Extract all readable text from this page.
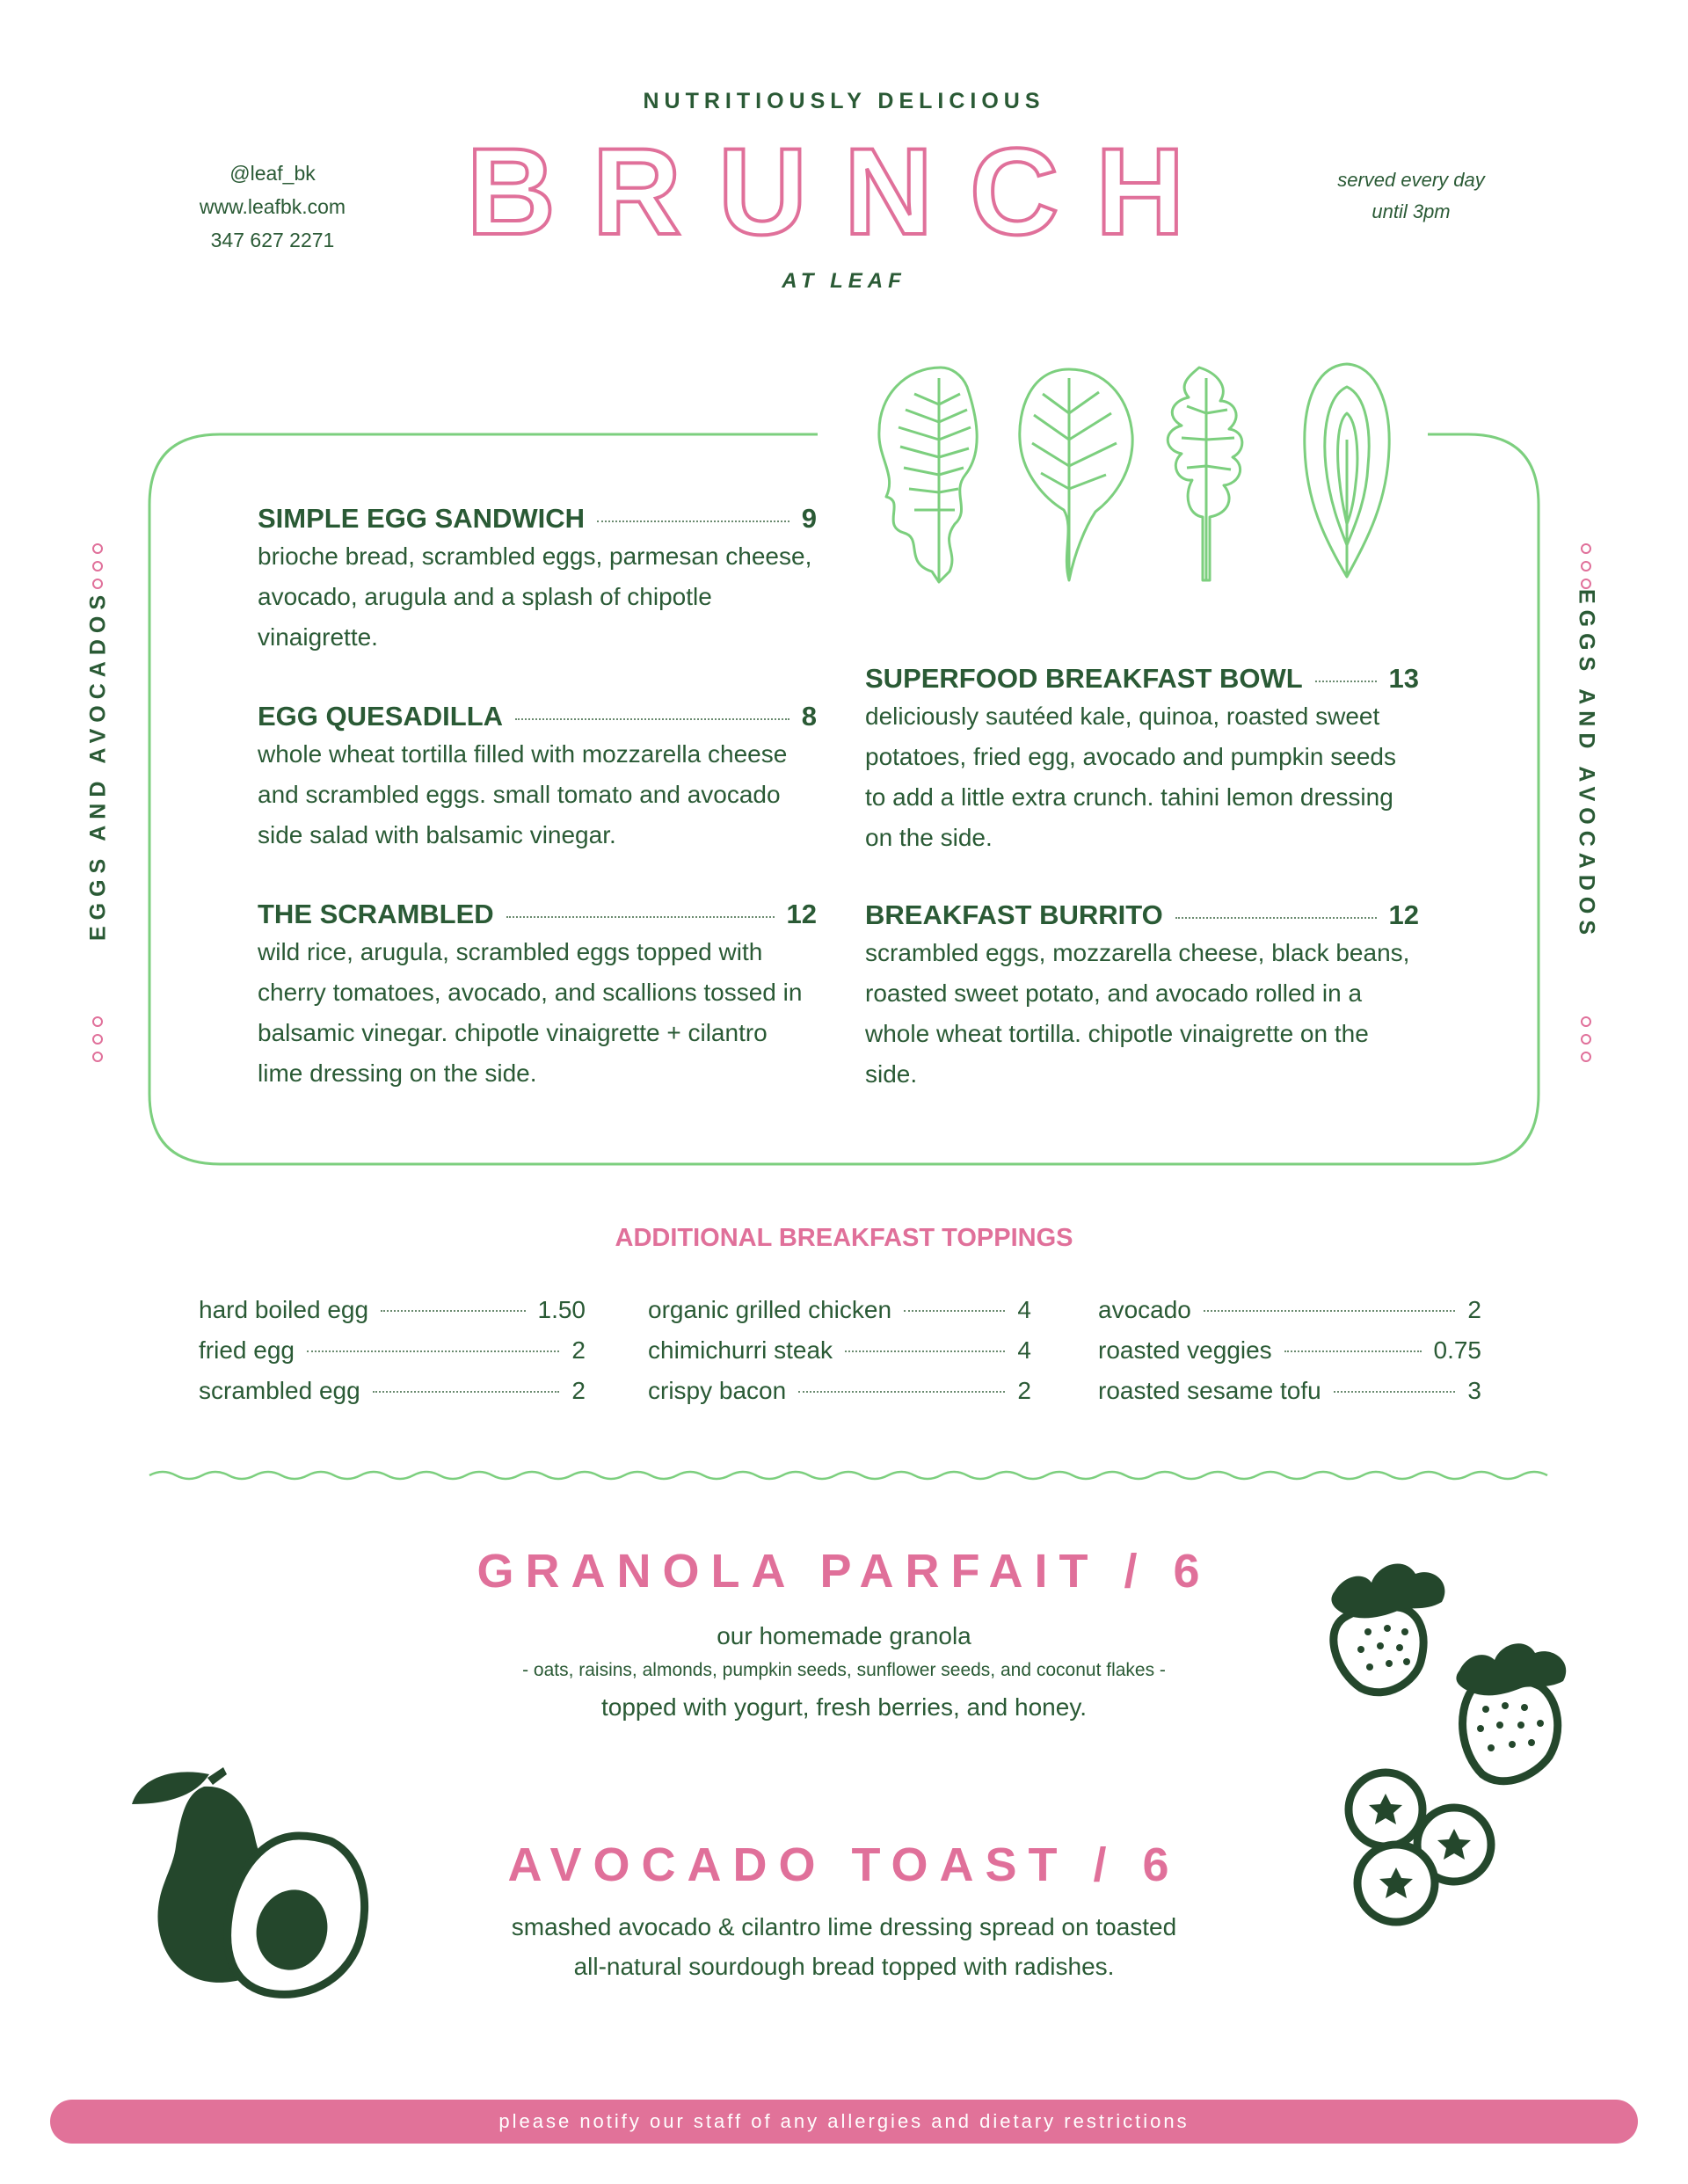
NUTRITIOUSLY DELICIOUS
BRUNCH
AT LEAF
@leaf_bk
www.leafbk.com
347 627 2271
served every day
until 3pm
EGGS AND AVOCADOS	EGGS AND AVOCADOS
SIMPLE EGG SANDWICH	9
brioche bread, scrambled eggs, parmesan cheese, avocado, arugula and a splash of chipotle vinaigrette.
EGG QUESADILLA	8
whole wheat tortilla filled with mozzarella cheese and scrambled eggs. small tomato and avocado side salad with balsamic vinegar.
THE SCRAMBLED	12
wild rice, arugula, scrambled eggs topped with cherry tomatoes, avocado, and scallions tossed in balsamic vinegar. chipotle vinaigrette + cilantro lime dressing on the side.
SUPERFOOD BREAKFAST BOWL	13
deliciously sautéed kale, quinoa, roasted sweet potatoes, fried egg, avocado and pumpkin seeds to add a little extra crunch. tahini lemon dressing on the side.
BREAKFAST BURRITO	12
scrambled eggs, mozzarella cheese, black beans, roasted sweet potato, and avocado rolled in a whole wheat tortilla. chipotle vinaigrette on the side.
ADDITIONAL BREAKFAST TOPPINGS
hard boiled egg	1.50
fried egg	2
scrambled egg	2
organic grilled chicken	4
chimichurri steak	4
crispy bacon	2
avocado	2
roasted veggies	0.75
roasted sesame tofu	3
GRANOLA PARFAIT / 6
our homemade granola
- oats, raisins, almonds, pumpkin seeds, sunflower seeds, and coconut flakes -
topped with yogurt, fresh berries, and honey.
AVOCADO TOAST / 6
smashed avocado & cilantro lime dressing spread on toasted
all-natural sourdough bread topped with radishes.
please notify our staff of any allergies and dietary restrictions
